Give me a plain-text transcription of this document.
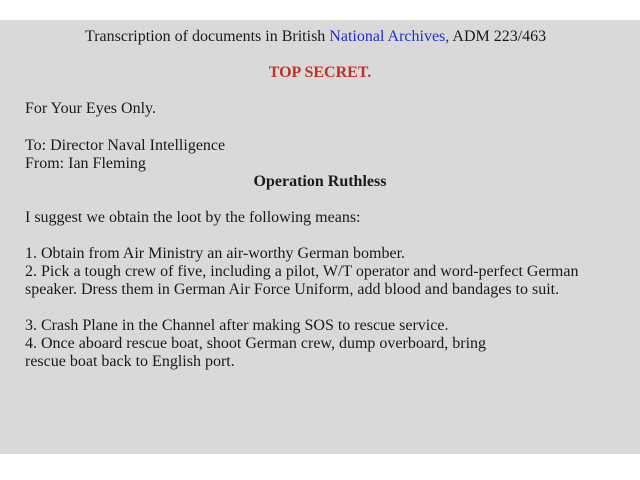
Transcription of documents in British National Archives, ADM 223/463
TOP SECRET.
For Your Eyes Only.
To: Director Naval Intelligence
From: Ian Fleming
Operation Ruthless
I suggest we obtain the loot by the following means:
1. Obtain from Air Ministry an air-worthy German bomber.
2. Pick a tough crew of five, including a pilot, W/T operator and word-perfect German speaker. Dress them in German Air Force Uniform, add blood and bandages to suit.
3. Crash Plane in the Channel after making SOS to rescue service.
4. Once aboard rescue boat, shoot German crew, dump overboard, bring rescue boat back to English port.
